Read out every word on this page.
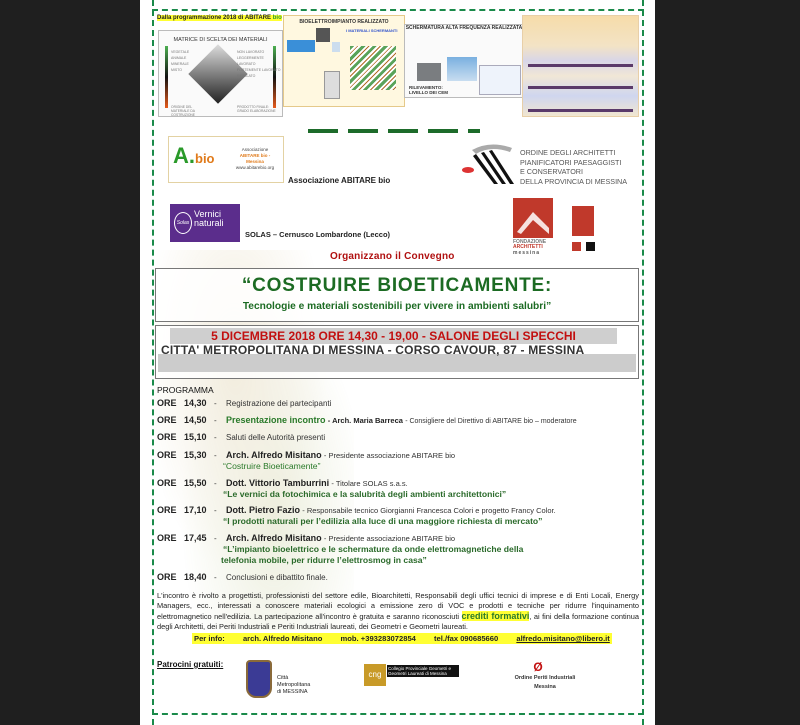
Dalla programmazione 2018 di ABITARE bio
MATRICE DI SCELTA DEI MATERIALI
VEGETALE
ANIMALE
MINERALE
MISTO
NON LAVORATO
LEGGERMENTE LAVORATO
FORTEMENTE LAVORATO
RICICLATO
ORIGINE DEL MATERIALE DA COSTRUZIONE
PRODOTTO FINALE: GRADO ELABORAZIONE
BIOELETTROIMPIANTO REALIZZATO
I MATERIALI SCHERMANTI SCHERMATURA ALTA FREQUENZA REALIZZATA
RILEVAMENTO: LIVELLO DEI CEM
A.bio
Associazione
ABITARE bio - Messina
www.abitarebio.org
Associazione ABITARE bio
ORDINE DEGLI ARCHITETTI
PIANIFICATORI PAESAGGISTI
E CONSERVATORI
DELLA PROVINCIA DI MESSINA
Solas
Vernici
naturali
SOLAS – Cernusco Lombardone (Lecco)
FONDAZIONE
ARCHITETTI
messina
Organizzano il Convegno
“COSTRUIRE BIOETICAMENTE:
Tecnologie e materiali sostenibili per vivere in ambienti salubri”
5 DICEMBRE 2018 ORE 14,30 - 19,00 - SALONE DEGLI SPECCHI
CITTA' METROPOLITANA DI MESSINA - CORSO CAVOUR, 87 - MESSINA
PROGRAMMA
ORE 14,30 - Registrazione dei partecipanti
ORE 14,50 - Presentazione incontro - Arch. Maria Barreca - Consigliere del Direttivo di ABITARE bio – moderatore
ORE 15,10 - Saluti delle Autorità presenti
ORE 15,30 - Arch. Alfredo Misitano - Presidente associazione ABITARE bio
“Costruire Bioeticamente”
ORE 15,50 - Dott. Vittorio Tamburrini - Titolare SOLAS s.a.s.
“Le vernici da fotochimica e la salubrità degli ambienti architettonici”
ORE 17,10 - Dott. Pietro Fazio - Responsabile tecnico Giorgianni Francesca Colori e progetto Francy Color.
“I prodotti naturali per l’edilizia alla luce di una maggiore richiesta di mercato”
ORE 17,45 - Arch. Alfredo Misitano - Presidente associazione ABITARE bio
“L’impianto bioelettrico e le schermature da onde elettromagnetiche della
telefonia mobile, per ridurre l’elettrosmog in casa”
ORE 18,40 - Conclusioni e dibattito finale.
L'incontro è rivolto a progettisti, professionisti del settore edile, Bioarchitetti, Responsabili degli uffici tecnici di imprese e di Enti Locali, Energy Managers, ecc., interessati a conoscere materiali ecologici a emissione zero di VOC e prodotti e tecniche per ridurre l'inquinamento elettromagnetico nell'edilizia. La partecipazione all'incontro è gratuita e saranno riconosciuti crediti formativi, ai fini della formazione continua degli Architetti, dei Periti Industriali e Periti Industriali laureati, dei Geometri e Geometri laureati.
Per info: arch. Alfredo Misitano mob. +393283072854 tel./fax 090685660 alfredo.misitano@libero.it
Patrocini gratuiti:
Città
Metropolitana
di MESSINA
cng
Collegio Provinciale Geometri e Geometri Laureati di Messina	Ø
Ordine Periti Industriali
Messina
